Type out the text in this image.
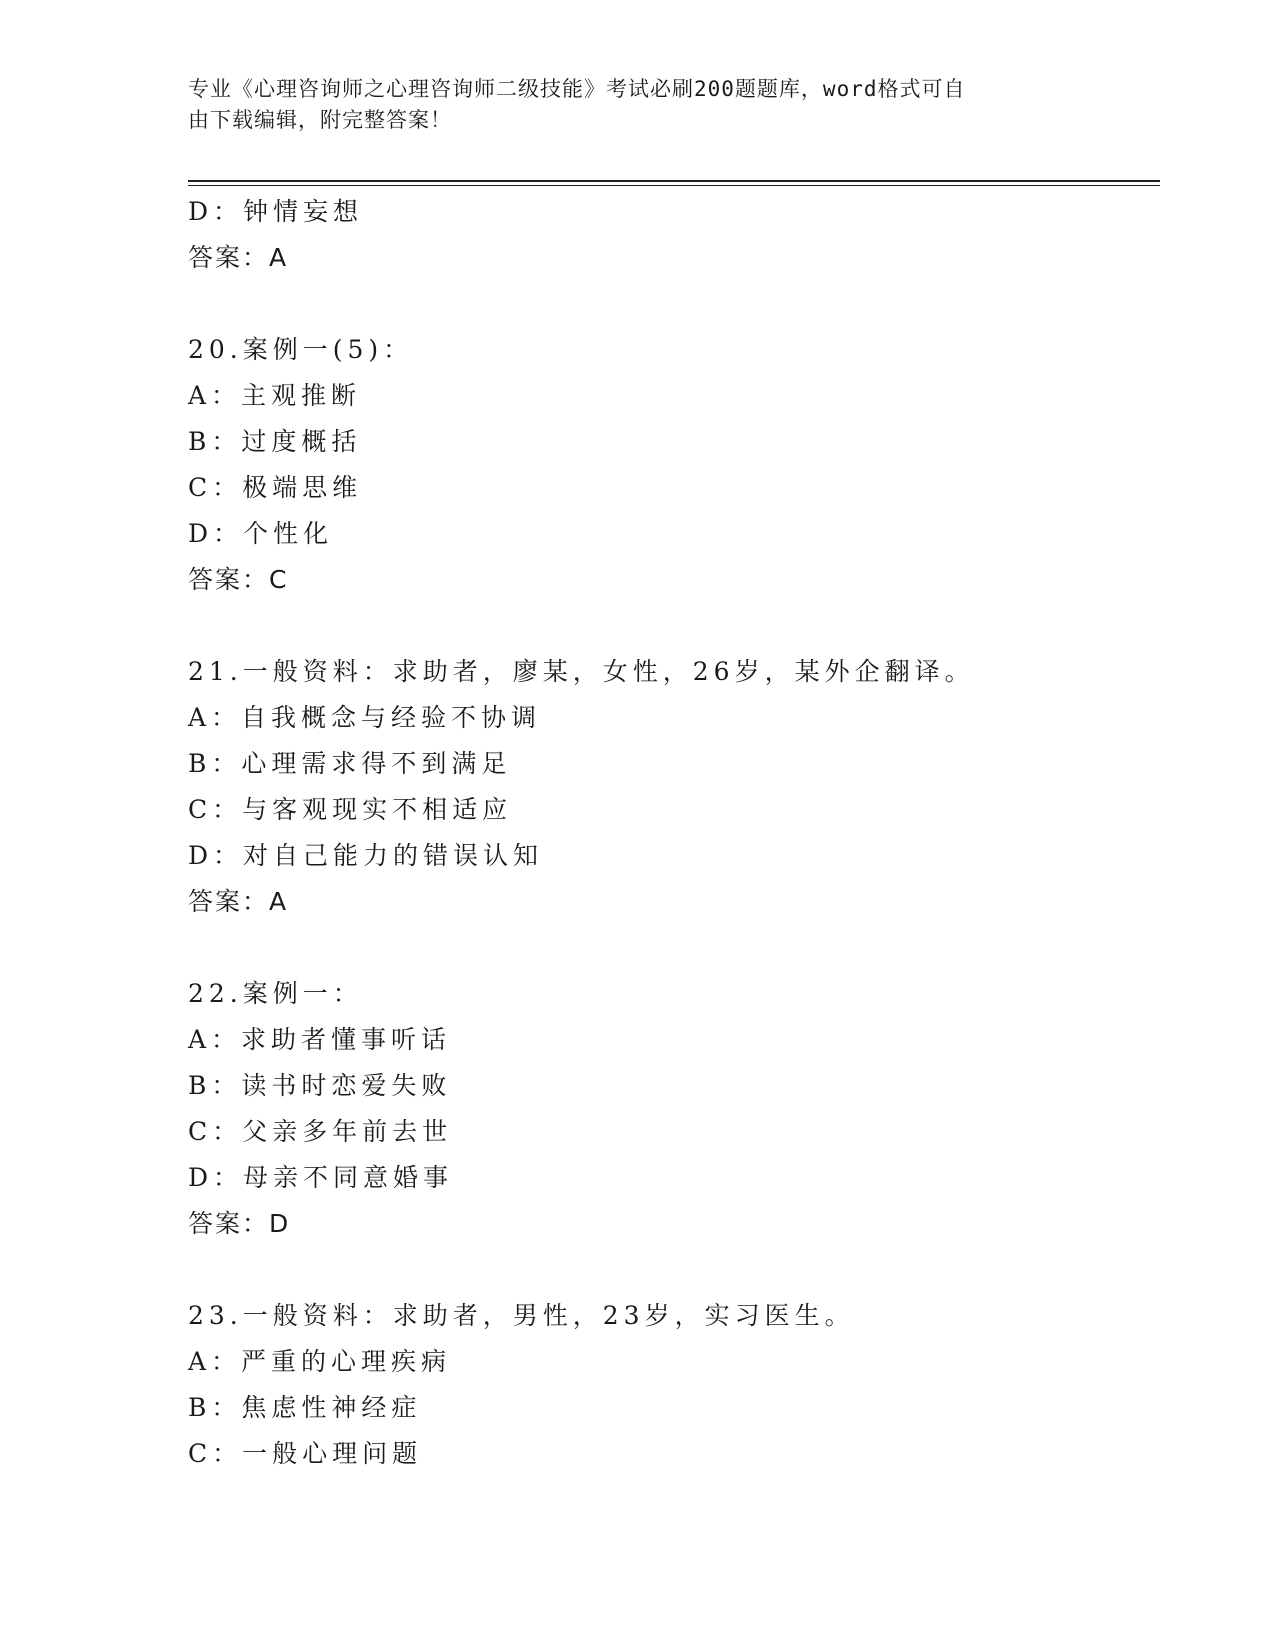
专业《心理咨询师之心理咨询师二级技能》考试必刷200题题库，word格式可自
由下载编辑，附完整答案！
D：钟情妄想
答案：A
20.案例一(5)：
A：主观推断
B：过度概括
C：极端思维
D：个性化
答案：C
21.一般资料：求助者，廖某，女性，26岁，某外企翻译。
A：自我概念与经验不协调
B：心理需求得不到满足
C：与客观现实不相适应
D：对自己能力的错误认知
答案：A
22.案例一：
A：求助者懂事听话
B：读书时恋爱失败
C：父亲多年前去世
D：母亲不同意婚事
答案：D
23.一般资料：求助者，男性，23岁，实习医生。
A：严重的心理疾病
B：焦虑性神经症
C：一般心理问题
